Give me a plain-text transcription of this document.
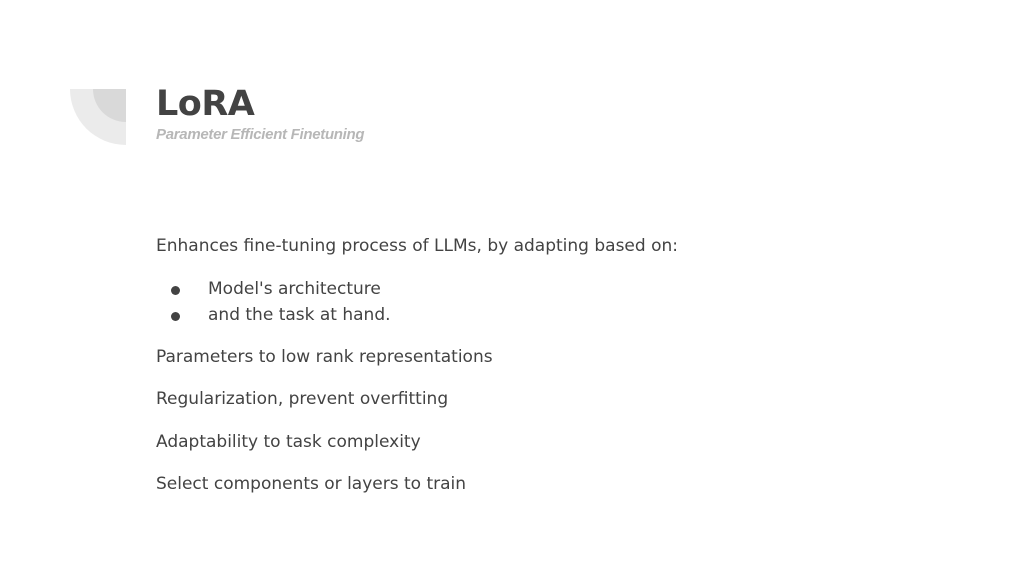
LoRA

Parameter Efficient Finetuning

Enhances fine-tuning process of LLMs, by adapting based on:

Model's architecture
and the task at hand.

Parameters to low rank representations

Regularization, prevent overfitting

Adaptability to task complexity

Select components or layers to train
